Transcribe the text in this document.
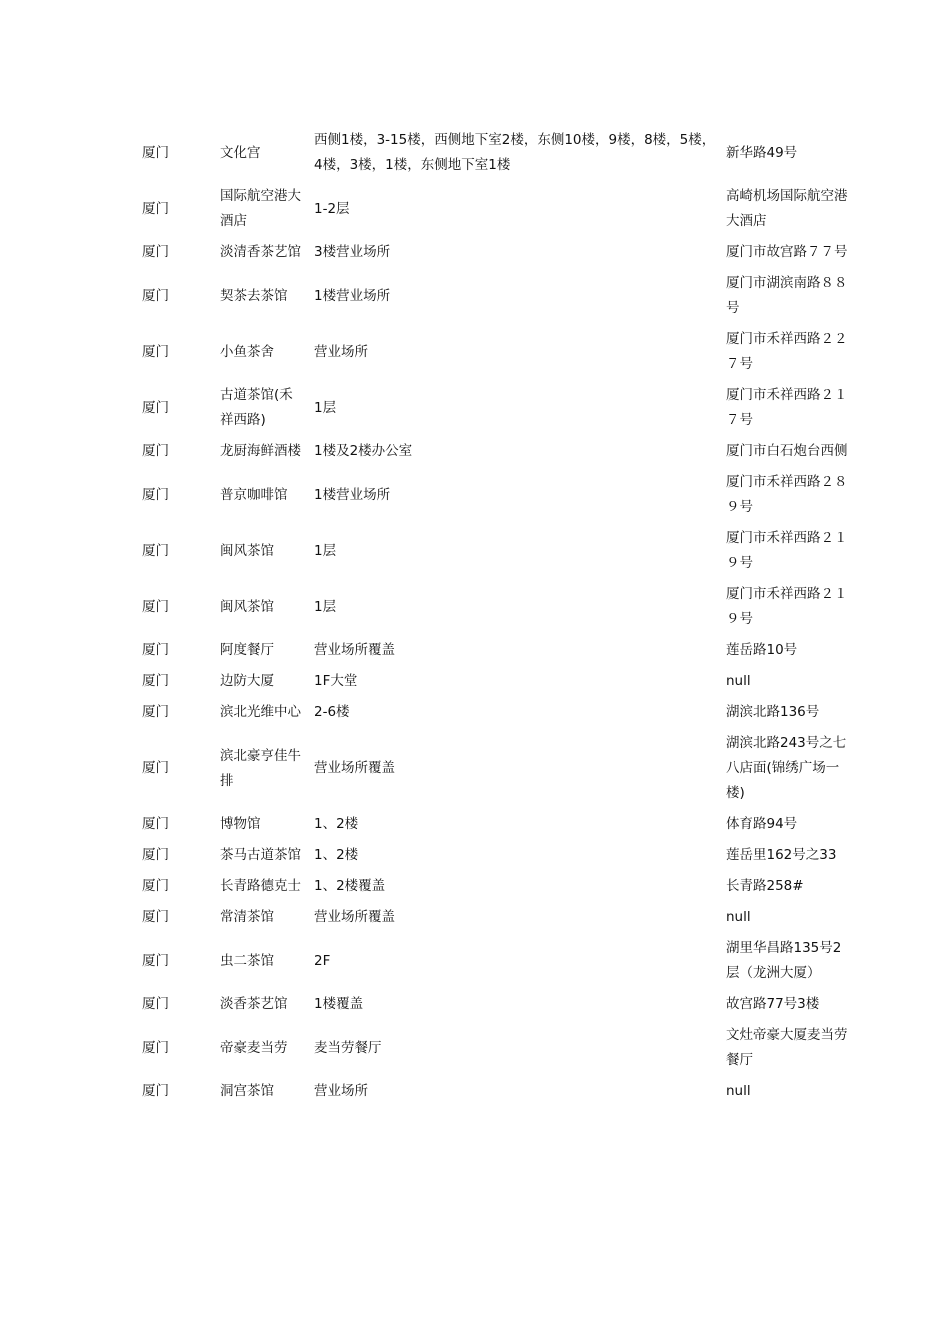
厦门	文化宫	西侧1楼，3-15楼，西侧地下室2楼，东侧10楼，9楼，8楼，5楼，4楼，3楼，1楼，东侧地下室1楼	新华路49号
厦门	国际航空港大酒店	1-2层	高崎机场国际航空港大酒店
厦门	淡清香茶艺馆	3楼营业场所	厦门市故宫路７７号
厦门	契茶去茶馆	1楼营业场所	厦门市湖滨南路８８号
厦门	小鱼茶舍	营业场所	厦门市禾祥西路２２７号
厦门	古道茶馆(禾祥西路)	1层	厦门市禾祥西路２１７号
厦门	龙厨海鲜酒楼	1楼及2楼办公室	厦门市白石炮台西侧
厦门	普京咖啡馆	1楼营业场所	厦门市禾祥西路２８９号
厦门	闽风茶馆	1层	厦门市禾祥西路２１９号
厦门	闽风茶馆	1层	厦门市禾祥西路２１９号
厦门	阿度餐厅	营业场所覆盖	莲岳路10号
厦门	边防大厦	1F大堂	null
厦门	滨北光维中心	2-6楼	湖滨北路136号
厦门	滨北豪亨佳牛排	营业场所覆盖	湖滨北路243号之七八店面(锦绣广场一楼)
厦门	博物馆	1、2楼	体育路94号
厦门	茶马古道茶馆	1、2楼	莲岳里162号之33
厦门	长青路德克士	1、2楼覆盖	长青路258#
厦门	常清茶馆	营业场所覆盖	null
厦门	虫二茶馆	2F	湖里华昌路135号2层（龙洲大厦）
厦门	淡香茶艺馆	1楼覆盖	故宫路77号3楼
厦门	帝豪麦当劳	麦当劳餐厅	文灶帝豪大厦麦当劳餐厅
厦门	洞宫茶馆	营业场所	null
